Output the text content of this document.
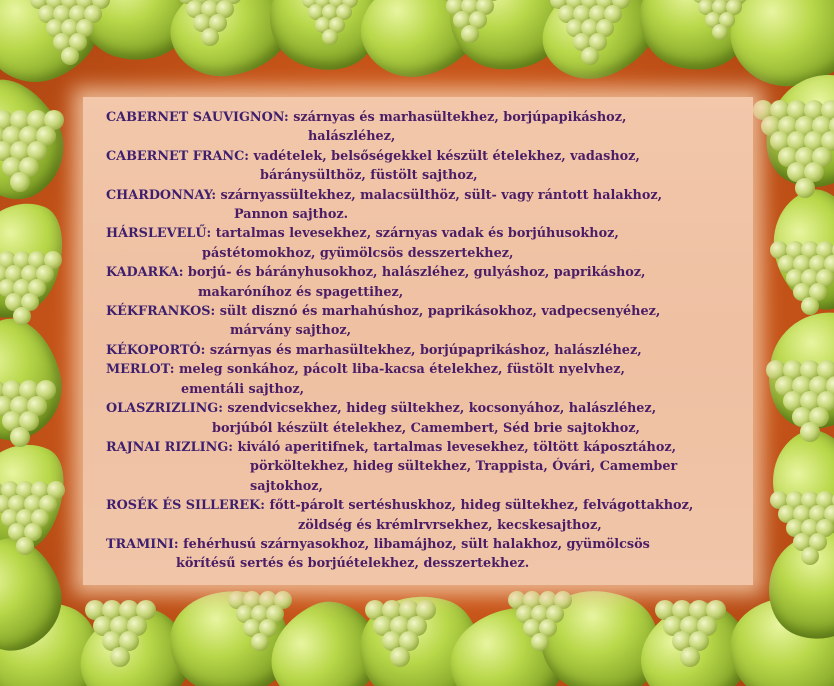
CABERNET SAUVIGNON: szárnyas és marhasültekhez, borjúpapikáshoz,
halászléhez,
CABERNET FRANC: vadételek, belsőségekkel készült ételekhez, vadashoz,
báránysülthöz, füstölt sajthoz,
CHARDONNAY: szárnyassültekhez, malacsülthöz, sült- vagy rántott halakhoz,
Pannon sajthoz.
HÁRSLEVELŰ: tartalmas levesekhez, szárnyas vadak és borjúhusokhoz,
pástétomokhoz, gyümölcsös desszertekhez,
KADARKA: borjú- és bárányhusokhoz, halászléhez, gulyáshoz, paprikáshoz,
makaróníhoz és spagettihez,
KÉKFRANKOS: sült disznó és marhahúshoz, paprikásokhoz, vadpecsenyéhez,
márvány sajthoz,
KÉKOPORTÓ: szárnyas és marhasültekhez, borjúpaprikáshoz, halászléhez,
MERLOT: meleg sonkához, pácolt liba-kacsa ételekhez, füstölt nyelvhez,
ementáli sajthoz,
OLASZRIZLING: szendvicsekhez, hideg sültekhez, kocsonyához, halászléhez,
borjúból készült ételekhez, Camembert, Séd brie sajtokhoz,
RAJNAI RIZLING: kiváló aperitifnek, tartalmas levesekhez, töltött káposztához,
pörköltekhez, hideg sültekhez, Trappista, Óvári, Camember
sajtokhoz,
ROSÉK ÉS SILLEREK: főtt-párolt sertéshuskhoz, hideg sültekhez, felvágottakhoz,
zöldség és krémlrvrsekhez, kecskesajthoz,
TRAMINI: fehérhusú szárnyasokhoz, libamájhoz, sült halakhoz, gyümölcsös
körítésű sertés és borjúételekhez, desszertekhez.
